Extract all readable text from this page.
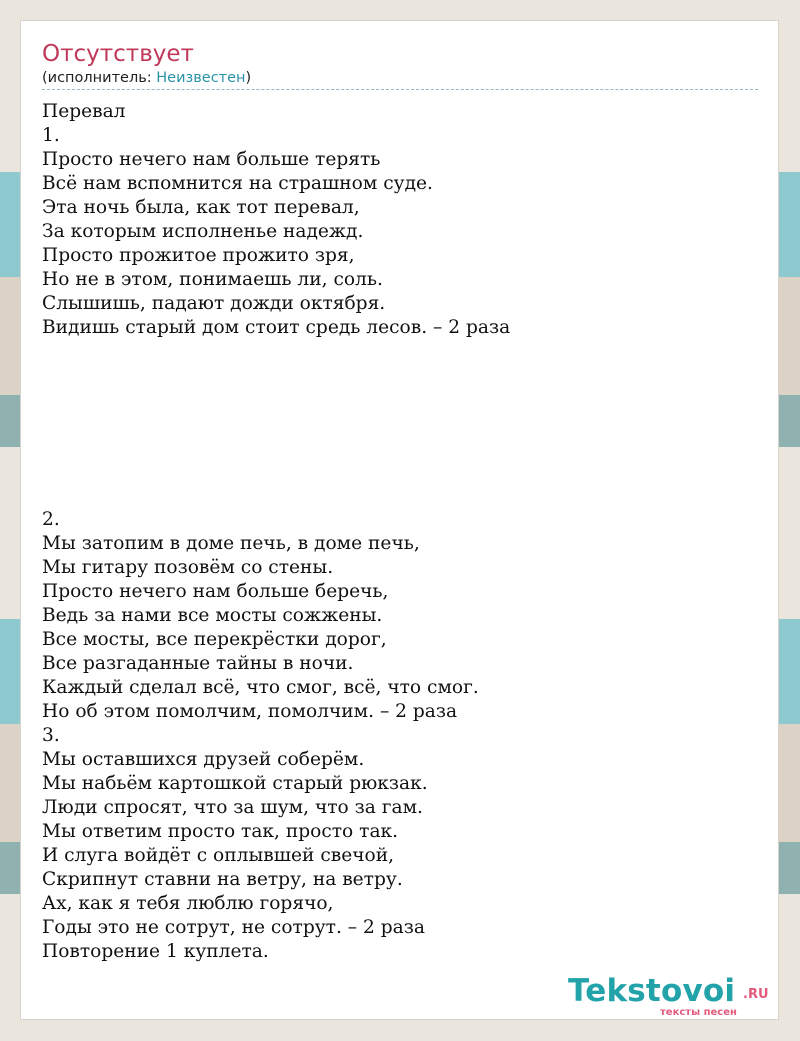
Отсутствует
(исполнитель: Неизвестен)
Перевал
1.
Просто нечего нам больше терять
Всё нам вспомнится на страшном суде.
Эта ночь была, как тот перевал,
За которым исполненье надежд.
Просто прожитое прожито зря,
Но не в этом, понимаешь ли, соль.
Слышишь, падают дожди октября.
Видишь старый дом стоит средь лесов. – 2 раза
2.
Мы затопим в доме печь, в доме печь,
Мы гитару позовём со стены.
Просто нечего нам больше беречь,
Ведь за нами все мосты сожжены.
Все мосты, все перекрёстки дорог,
Все разгаданные тайны в ночи.
Каждый сделал всё, что смог, всё, что смог.
Но об этом помолчим, помолчим. – 2 раза
3.
Мы оставшихся друзей соберём.
Мы набьём картошкой старый рюкзак.
Люди спросят, что за шум, что за гам.
Мы ответим просто так, просто так.
И слуга войдёт с оплывшей свечой,
Скрипнут ставни на ветру, на ветру.
Ах, как я тебя люблю горячо,
Годы это не сотрут, не сотрут. – 2 раза
Повторение 1 куплета.
Tekstovoi .RU
тексты песен
